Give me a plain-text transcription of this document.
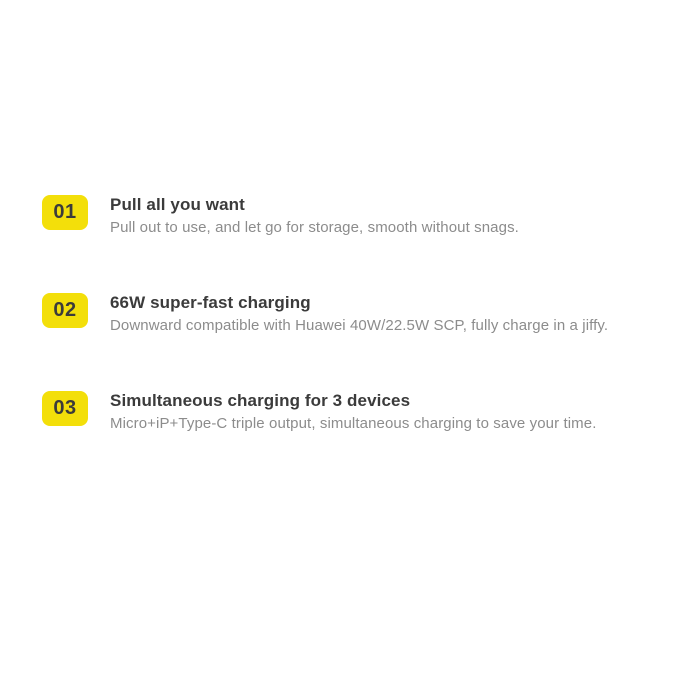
01	Pull all you want
Pull out to use, and let go for storage, smooth without snags.
02	66W super-fast charging
Downward compatible with Huawei 40W/22.5W SCP, fully charge in a jiffy.
03	Simultaneous charging for 3 devices
Micro+iP+Type-C triple output, simultaneous charging to save your time.
